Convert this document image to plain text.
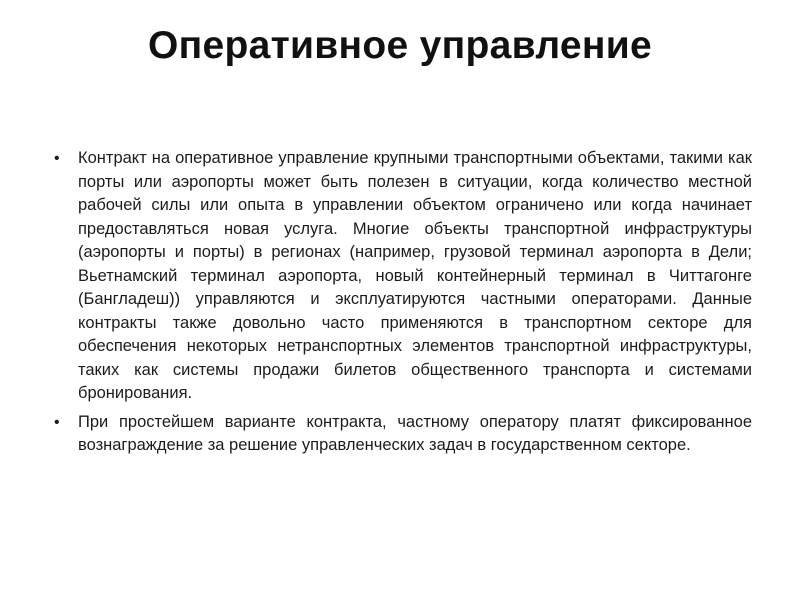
Оперативное управление
• Контракт на оперативное управление крупными транспортными объектами, такими как порты или аэропорты может быть полезен в ситуации, когда количество местной рабочей силы или опыта в управлении объектом ограничено или когда начинает предоставляться новая услуга. Многие объекты транспортной инфраструктуры (аэропорты и порты) в регионах (например, грузовой терминал аэропорта в Дели; Вьетнамский терминал аэропорта, новый контейнерный терминал в Читтагонге (Бангладеш)) управляются и эксплуатируются частными операторами. Данные контракты также довольно часто применяются в транспортном секторе для обеспечения некоторых нетранспортных элементов транспортной инфраструктуры, таких как системы продажи билетов общественного транспорта и системами бронирования.
• При простейшем варианте контракта, частному оператору платят фиксированное вознаграждение за решение управленческих задач в государственном секторе.
